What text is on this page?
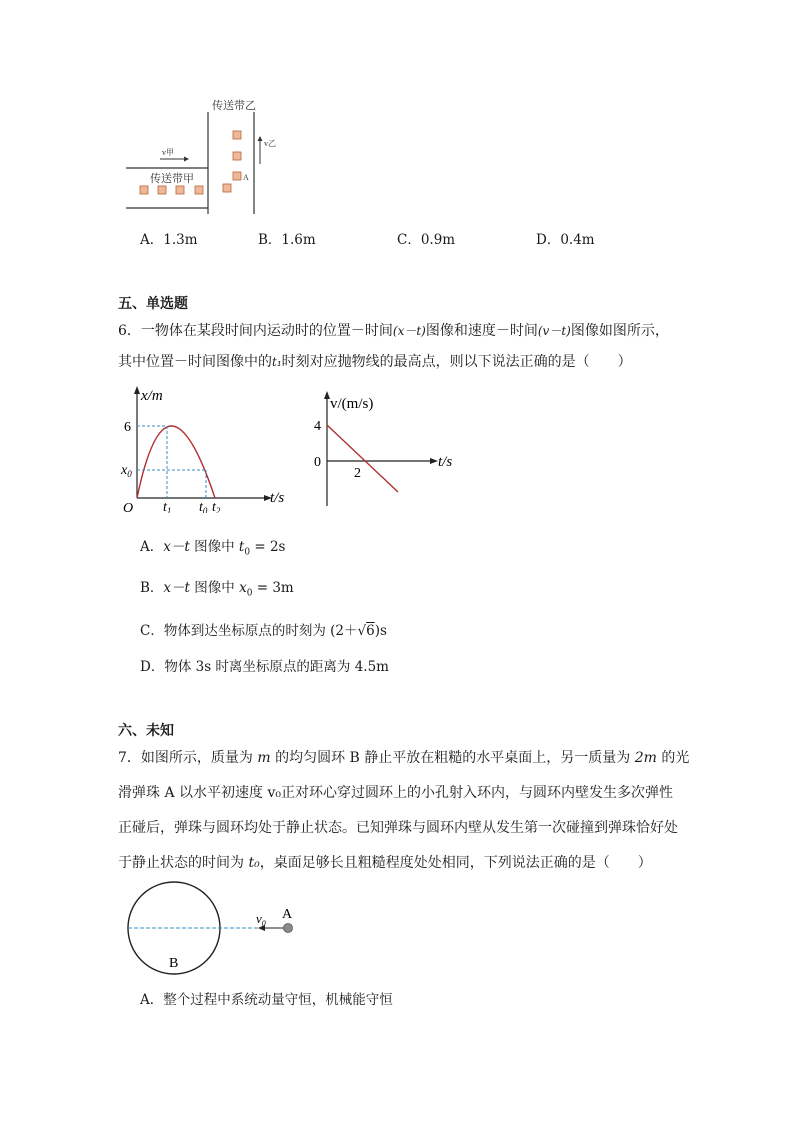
传送带乙
v甲
传送带甲	A
v乙
A．1.3m	B．1.6m	C．0.9m	D．0.4m
五、单选题
6．一物体在某段时间内运动时的位置－时间(x－t)图像和速度－时间(v－t)图像如图所示，
其中位置－时间图像中的t₁时刻对应抛物线的最高点，则以下说法正确的是（　　）
x/m
6
$x_0$
O $t_1$ $t_0$ $t_2$
t/s
v/(m/s)
4
0
2
t/s
A．x－t 图像中 $t_0 = 2s$
B．x－t 图像中 $x_0 = 3m$
C．物体到达坐标原点的时刻为 (2＋√6)s
D．物体 3s 时离坐标原点的距离为 4.5m
六、未知
7．如图所示，质量为 m 的均匀圆环 B 静止平放在粗糙的水平桌面上，另一质量为 2m 的光
滑弹珠 A 以水平初速度 v₀正对环心穿过圆环上的小孔射入环内，与圆环内壁发生多次弹性
正碰后，弹珠与圆环均处于静止状态。已知弹珠与圆环内壁从发生第一次碰撞到弹珠恰好处
于静止状态的时间为 t₀，桌面足够长且粗糙程度处处相同，下列说法正确的是（　　）
$v_0$
A
B
A．整个过程中系统动量守恒，机械能守恒
